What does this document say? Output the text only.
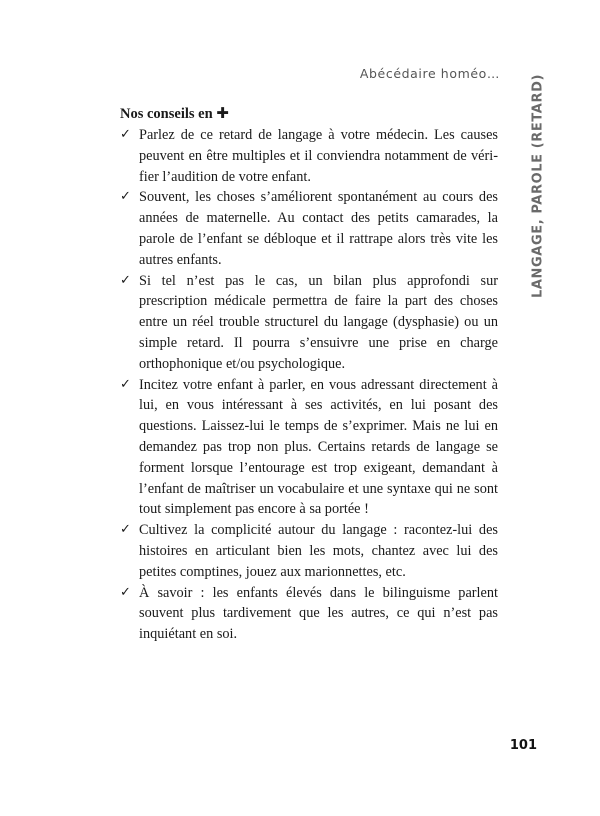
Abécédaire homéo…
LANGAGE, PAROLE (RETARD)
Nos conseils en ✚
✓ Parlez de ce retard de langage à votre médecin. Les causes peuvent en être multiples et il conviendra notamment de vérifier l’audition de votre enfant.
✓ Souvent, les choses s’améliorent spontanément au cours des années de maternelle. Au contact des petits camarades, la parole de l’enfant se débloque et il rattrape alors très vite les autres enfants.
✓ Si tel n’est pas le cas, un bilan plus approfondi sur prescription médicale permettra de faire la part des choses entre un réel trouble structurel du langage (dysphasie) ou un simple retard. Il pourra s’ensuivre une prise en charge orthophonique et/ou psychologique.
✓ Incitez votre enfant à parler, en vous adressant directement à lui, en vous intéressant à ses activités, en lui posant des questions. Laissez-lui le temps de s’exprimer. Mais ne lui en demandez pas trop non plus. Certains retards de langage se forment lorsque l’entourage est trop exigeant, demandant à l’enfant de maîtriser un vocabulaire et une syntaxe qui ne sont tout simplement pas encore à sa portée !
✓ Cultivez la complicité autour du langage : racontez-lui des histoires en articulant bien les mots, chantez avec lui des petites comptines, jouez aux marionnettes, etc.
✓ À savoir : les enfants élevés dans le bilinguisme parlent souvent plus tardivement que les autres, ce qui n’est pas inquiétant en soi.
101
